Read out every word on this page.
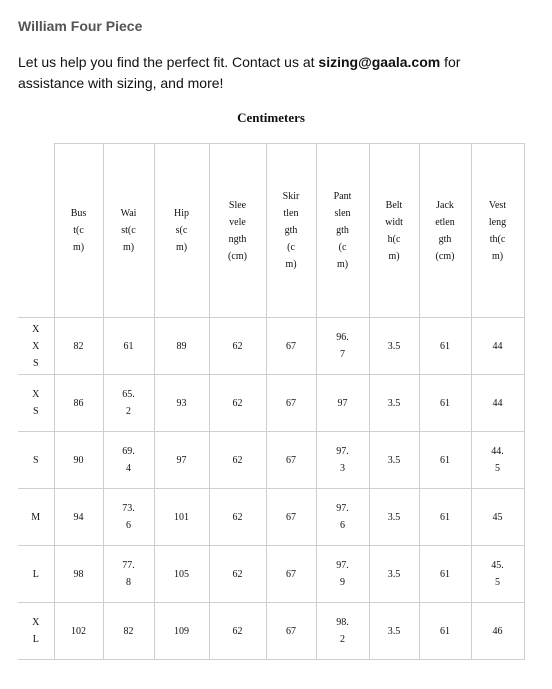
William Four Piece

Let us help you find the perfect fit. Contact us at sizing@gaala.com for assistance with sizing, and more!

Centimeters

	Bust(cm)	Waist(cm)	Hips(cm)	Sleevelength(cm)	Skirtlength(cm)	Pantslength(cm)	Beltwidth(cm)	Jacketlength(cm)	Vestlength(cm)

XXS	82	61	89	62	67	96.7	3.5	61	44

XS	86	65.2	93	62	67	97	3.5	61	44

S	90	69.4	97	62	67	97.3	3.5	61	44.5

M	94	73.6	101	62	67	97.6	3.5	61	45

L	98	77.8	105	62	67	97.9	3.5	61	45.5

XL	102	82	109	62	67	98.2	3.5	61	46
